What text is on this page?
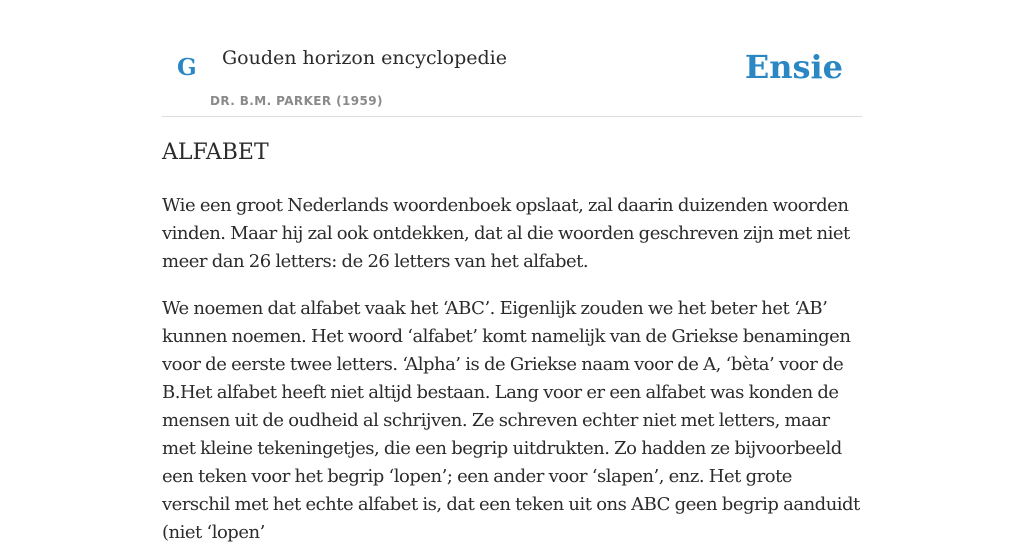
G Gouden horizon encyclopedie
DR. B.M. PARKER (1959)
Ensie
ALFABET

Wie een groot Nederlands woordenboek opslaat, zal daarin duizenden woorden vinden. Maar hij zal ook ontdekken, dat al die woorden geschreven zijn met niet meer dan 26 letters: de 26 letters van het alfabet.

We noemen dat alfabet vaak het ‘ABC’. Eigenlijk zouden we het beter het ‘AB’ kunnen noemen. Het woord ‘alfabet’ komt namelijk van de Griekse benamingen voor de eerste twee letters. ‘Alpha’ is de Griekse naam voor de A, ‘bèta’ voor de B.Het alfabet heeft niet altijd bestaan. Lang voor er een alfabet was konden de mensen uit de oudheid al schrijven. Ze schreven echter niet met letters, maar met kleine tekeningetjes, die een begrip uitdrukten. Zo hadden ze bijvoorbeeld een teken voor het begrip ‘lopen’; een ander voor ‘slapen’, enz. Het grote verschil met het echte alfabet is, dat een teken uit ons ABC geen begrip aanduidt (niet ‘lopen’
